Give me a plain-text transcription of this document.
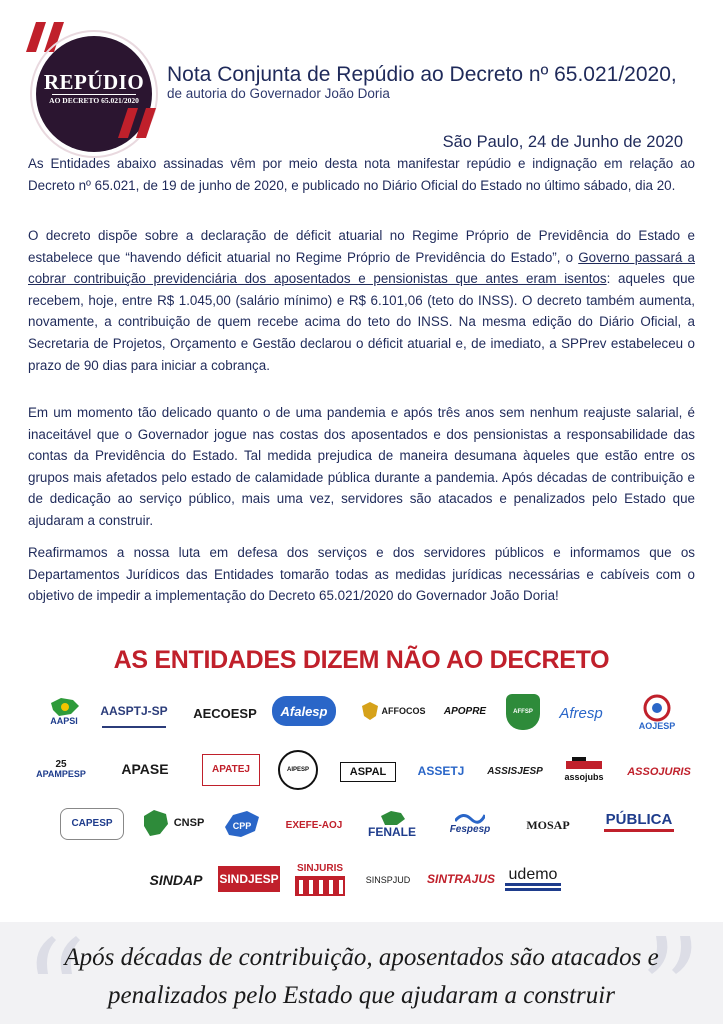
REPÚDIO
AO DECRETO 65.021/2020
Nota Conjunta de Repúdio ao Decreto nº 65.021/2020,
de autoria do Governador João Doria
São Paulo, 24 de Junho de 2020

As Entidades abaixo assinadas vêm por meio desta nota manifestar repúdio e indignação em relação ao Decreto nº 65.021, de 19 de junho de 2020, e publicado no Diário Oficial do Estado no último sábado, dia 20.

O decreto dispõe sobre a declaração de déficit atuarial no Regime Próprio de Previdência do Estado e estabelece que “havendo déficit atuarial no Regime Próprio de Previdência do Estado”, o Governo passará a cobrar contribuição previdenciária dos aposentados e pensionistas que antes eram isentos: aqueles que recebem, hoje, entre R$ 1.045,00 (salário mínimo) e R$ 6.101,06 (teto do INSS). O decreto também aumenta, novamente, a contribuição de quem recebe acima do teto do INSS. Na mesma edição do Diário Oficial, a Secretaria de Projetos, Orçamento e Gestão declarou o déficit atuarial e, de imediato, a SPPrev estabeleceu o prazo de 90 dias para iniciar a cobrança.

Em um momento tão delicado quanto o de uma pandemia e após três anos sem nenhum reajuste salarial, é inaceitável que o Governador jogue nas costas dos aposentados e dos pensionistas a responsabilidade das contas da Previdência do Estado. Tal medida prejudica de maneira desumana àqueles que estão entre os grupos mais afetados pelo estado de calamidade pública durante a pandemia. Após décadas de contribuição e de dedicação ao serviço público, mais uma vez, servidores são atacados e penalizados pelo Estado que ajudaram a construir.

Reafirmamos a nossa luta em defesa dos serviços e dos servidores públicos e informamos que os Departamentos Jurídicos das Entidades tomarão todas as medidas jurídicas necessárias e cabíveis com o objetivo de impedir a implementação do Decreto 65.021/2020 do Governador João Doria!

AS ENTIDADES DIZEM NÃO AO DECRETO
AAPSI
AASPTJ-SP AECOESP Afalesp	AFFOCOS APOPRE	AFFSP Afresp
AOJESP
25
APAMPESP	APASE	APATEJ	AIPESP	ASPAL	ASSETJ ASSISJESP assojubs ASSOJURIS
CAPESP	CNSP	CPP	EXEFE-AOJ FENALE	Fespesp	MOSAP PÚBLICA
SINDAP SINDJESP
SINJURIS
SINSPJUD SINTRAJUS udemo
Após décadas de contribuição, aposentados são atacados e
penalizados pelo Estado que ajudaram a construir
